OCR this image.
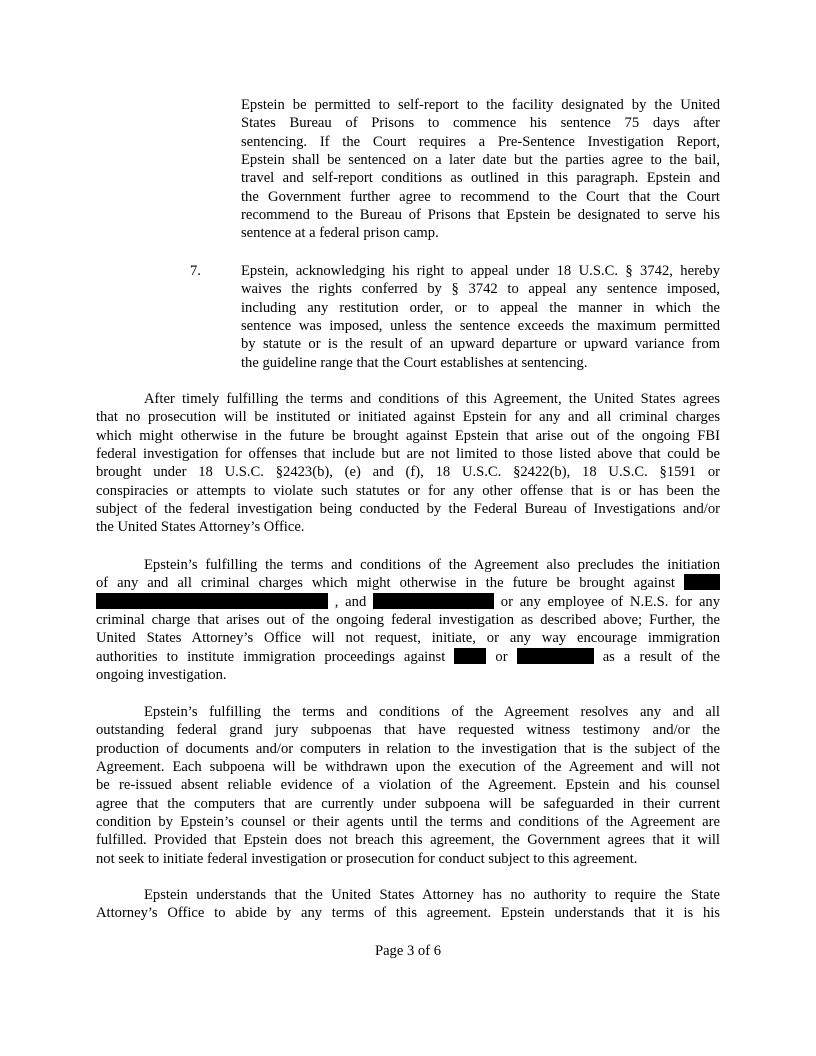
Epstein be permitted to self-report to the facility designated by the United
States Bureau of Prisons to commence his sentence 75 days after
sentencing. If the Court requires a Pre-Sentence Investigation Report,
Epstein shall be sentenced on a later date but the parties agree to the bail,
travel and self-report conditions as outlined in this paragraph. Epstein and
the Government further agree to recommend to the Court that the Court
recommend to the Bureau of Prisons that Epstein be designated to serve his
sentence at a federal prison camp.
7.	Epstein, acknowledging his right to appeal under 18 U.S.C. § 3742, hereby
waives the rights conferred by § 3742 to appeal any sentence imposed,
including any restitution order, or to appeal the manner in which the
sentence was imposed, unless the sentence exceeds the maximum permitted
by statute or is the result of an upward departure or upward variance from
the guideline range that the Court establishes at sentencing.
After timely fulfilling the terms and conditions of this Agreement, the United States agrees
that no prosecution will be instituted or initiated against Epstein for any and all criminal charges
which might otherwise in the future be brought against Epstein that arise out of the ongoing FBI
federal investigation for offenses that include but are not limited to those listed above that could be
brought under 18 U.S.C. §2423(b), (e) and (f), 18 U.S.C. §2422(b), 18 U.S.C. §1591 or
conspiracies or attempts to violate such statutes or for any other offense that is or has been the
subject of the federal investigation being conducted by the Federal Bureau of Investigations and/or
the United States Attorney’s Office.
Epstein’s fulfilling the terms and conditions of the Agreement also precludes the initiation
of any and all criminal charges which might otherwise in the future be brought against
, and	or any employee of N.E.S. for any
criminal charge that arises out of the ongoing federal investigation as described above; Further, the
United States Attorney’s Office will not request, initiate, or any way encourage immigration
authorities to institute immigration proceedings against	or	as a result of the
ongoing investigation.
Epstein’s fulfilling the terms and conditions of the Agreement resolves any and all
outstanding federal grand jury subpoenas that have requested witness testimony and/or the
production of documents and/or computers in relation to the investigation that is the subject of the
Agreement. Each subpoena will be withdrawn upon the execution of the Agreement and will not
be re-issued absent reliable evidence of a violation of the Agreement. Epstein and his counsel
agree that the computers that are currently under subpoena will be safeguarded in their current
condition by Epstein’s counsel or their agents until the terms and conditions of the Agreement are
fulfilled. Provided that Epstein does not breach this agreement, the Government agrees that it will
not seek to initiate federal investigation or prosecution for conduct subject to this agreement.
Epstein understands that the United States Attorney has no authority to require the State
Attorney’s Office to abide by any terms of this agreement. Epstein understands that it is his
Page 3 of 6
